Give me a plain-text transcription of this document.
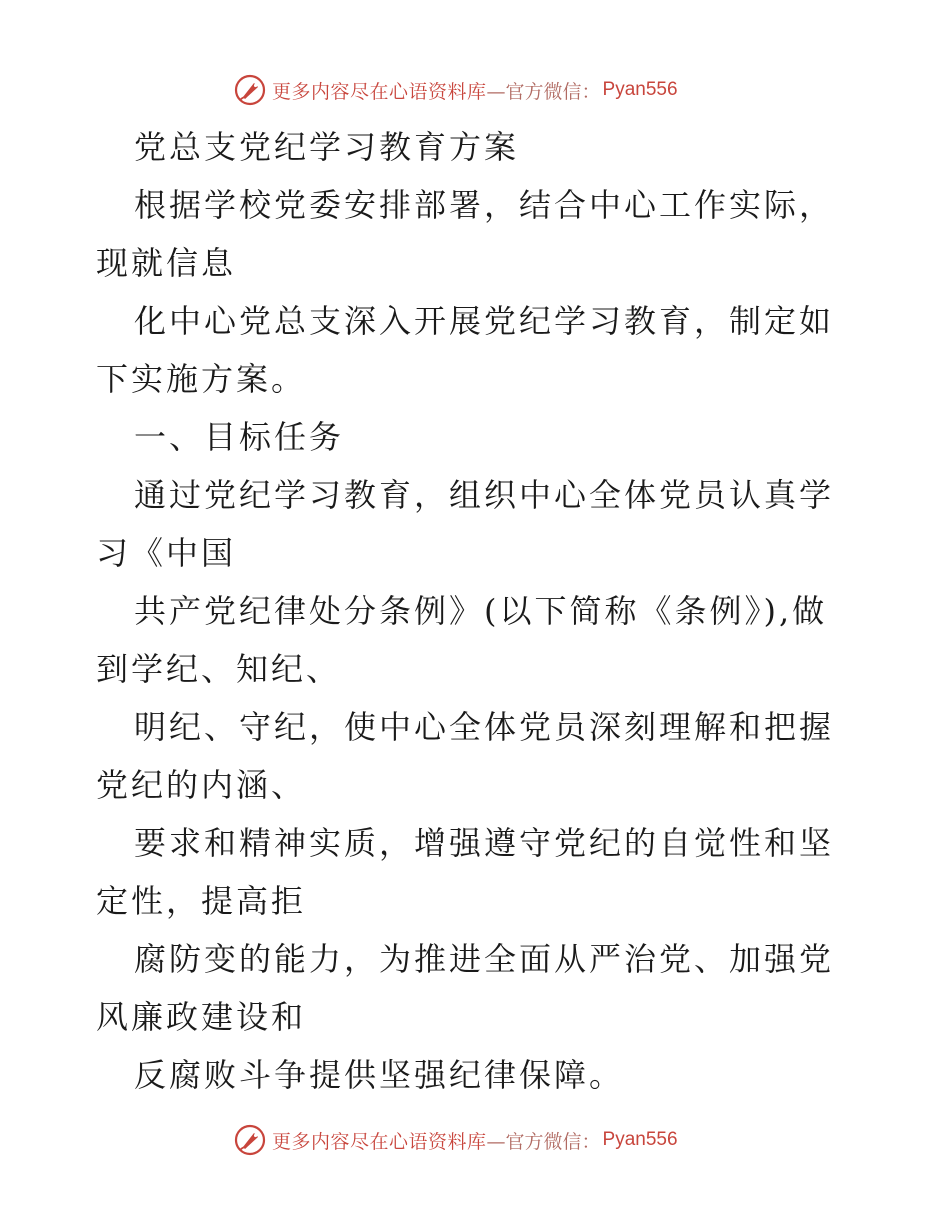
更多内容尽在心语资料库 —官方微信： Pyan556

党总支党纪学习教育方案

根据学校党委安排部署，结合中心工作实际，现就信息

化中心党总支深入开展党纪学习教育，制定如下实施方案。

一、目标任务

通过党纪学习教育，组织中心全体党员认真学习《中国

共产党纪律处分条例》(以下简称《条例》),做到学纪、知纪、

明纪、守纪，使中心全体党员深刻理解和把握党纪的内涵、

要求和精神实质，增强遵守党纪的自觉性和坚定性，提高拒

腐防变的能力，为推进全面从严治党、加强党风廉政建设和

反腐败斗争提供坚强纪律保障。

更多内容尽在心语资料库 —官方微信： Pyan556
